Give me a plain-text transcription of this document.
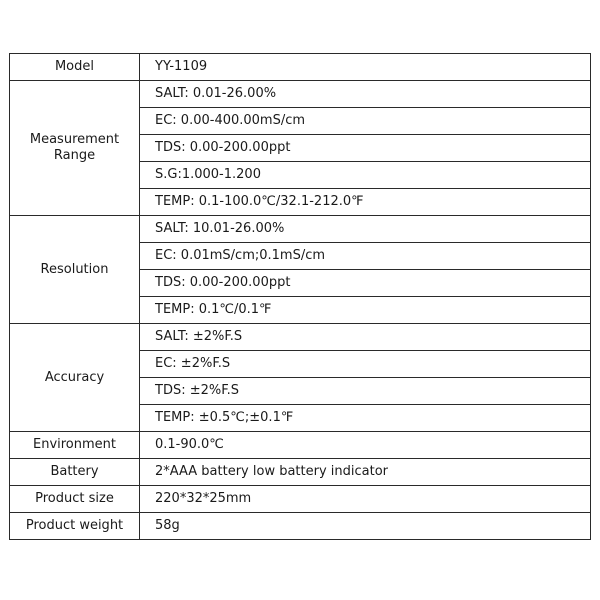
Model	YY-1109

Measurement
Range	SALT: 0.01-26.00%
	EC: 0.00-400.00mS/cm
	TDS: 0.00-200.00ppt
	S.G:1.000-1.200
	TEMP: 0.1-100.0℃/32.1-212.0℉
Resolution	SALT: 10.01-26.00%
	EC: 0.01mS/cm;0.1mS/cm
	TDS: 0.00-200.00ppt
	TEMP: 0.1℃/0.1℉
Accuracy	SALT: ±2%F.S
	EC: ±2%F.S
	TDS: ±2%F.S
	TEMP: ±0.5℃;±0.1℉
Environment	0.1-90.0℃
Battery	2*AAA battery low battery indicator
Product size	220*32*25mm
Product weight	58g
